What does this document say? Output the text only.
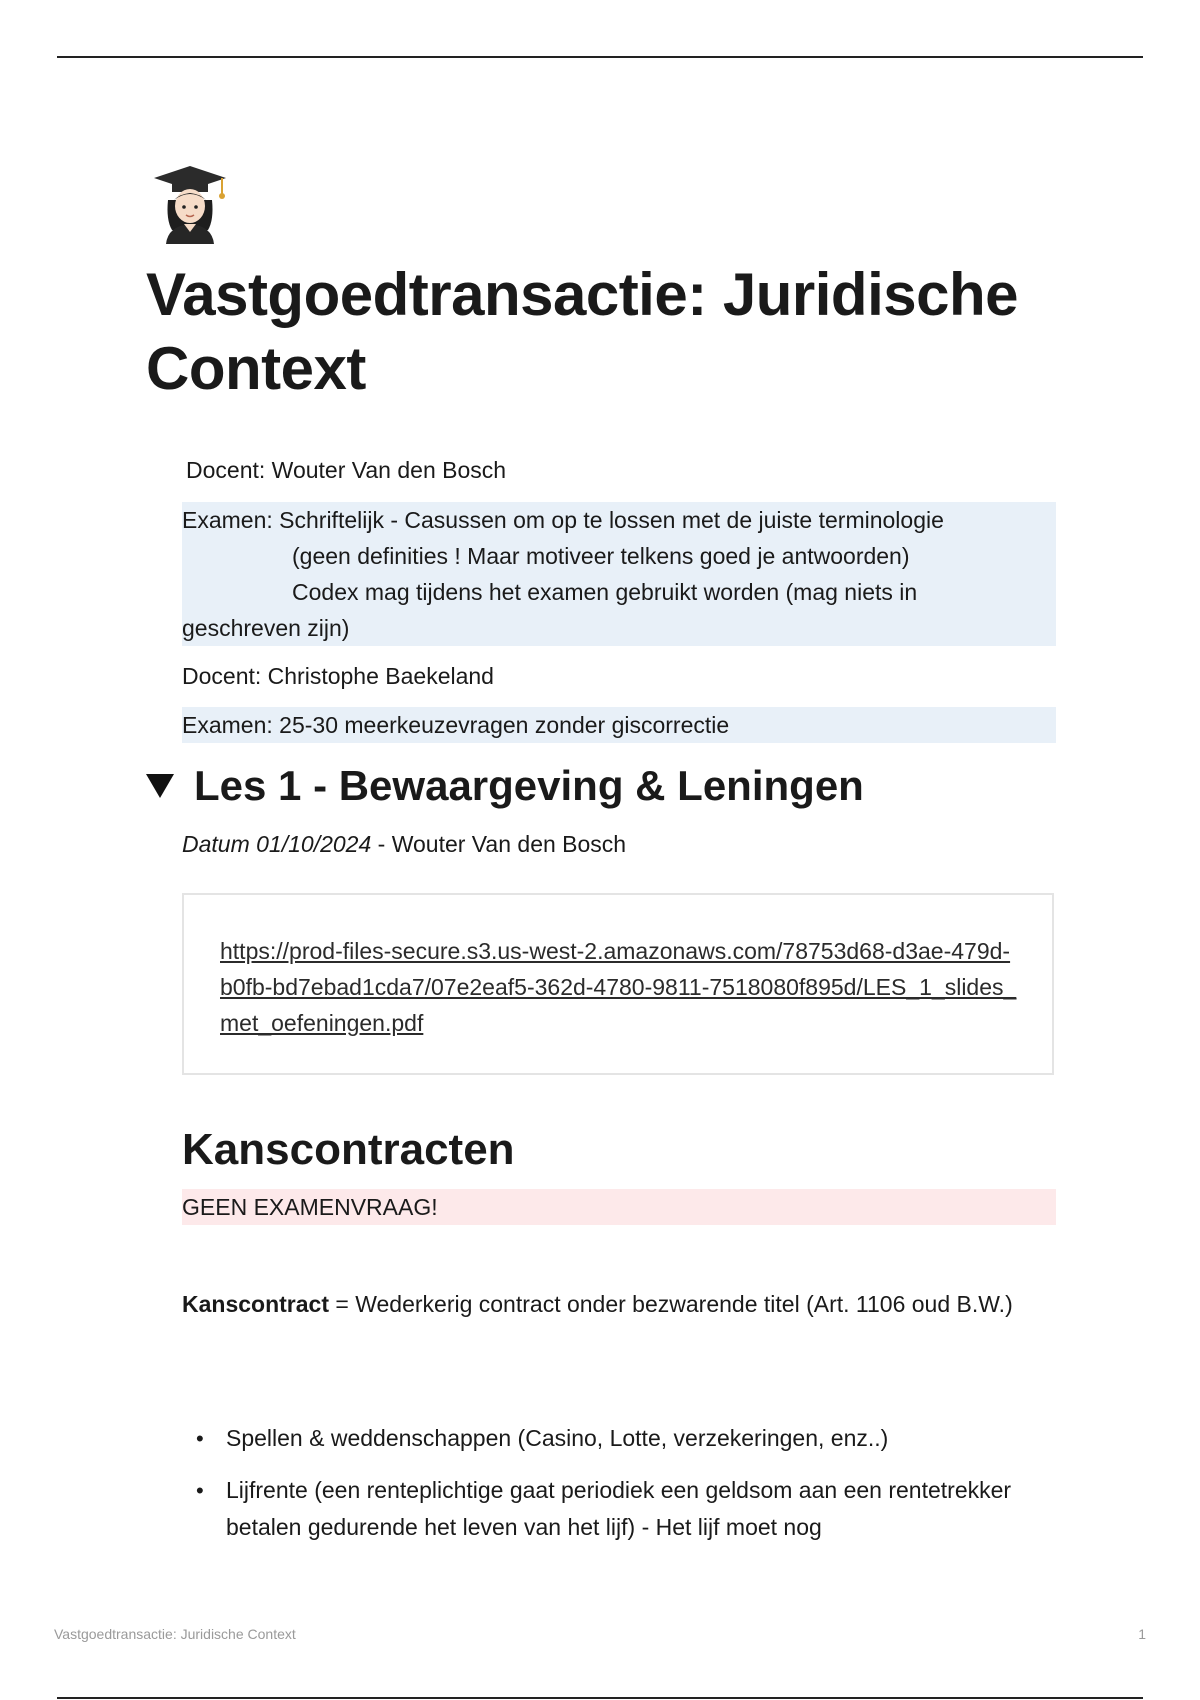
Vastgoedtransactie: Juridische Context
Docent: Wouter Van den Bosch
Examen: Schriftelijk - Casussen om op te lossen met de juiste terminologie
(geen definities ! Maar motiveer telkens goed je antwoorden)
Codex mag tijdens het examen gebruikt worden (mag niets in
geschreven zijn)
Docent: Christophe Baekeland
Examen: 25-30 meerkeuzevragen zonder giscorrectie
Les 1 - Bewaargeving & Leningen
Datum 01/10/2024 - Wouter Van den Bosch
https://prod-files-secure.s3.us-west-2.amazonaws.com/78753d68-d3ae-479d-b0fb-bd7ebad1cda7/07e2eaf5-362d-4780-9811-7518080f895d/LES_1_slides_met_oefeningen.pdf
Kanscontracten
GEEN EXAMENVRAAG!
Kanscontract = Wederkerig contract onder bezwarende titel (Art. 1106 oud B.W.)
• Spellen & weddenschappen (Casino, Lotte, verzekeringen, enz..)
• Lijfrente (een renteplichtige gaat periodiek een geldsom aan een rentetrekker betalen gedurende het leven van het lijf) - Het lijf moet nog
Vastgoedtransactie: Juridische Context	1
